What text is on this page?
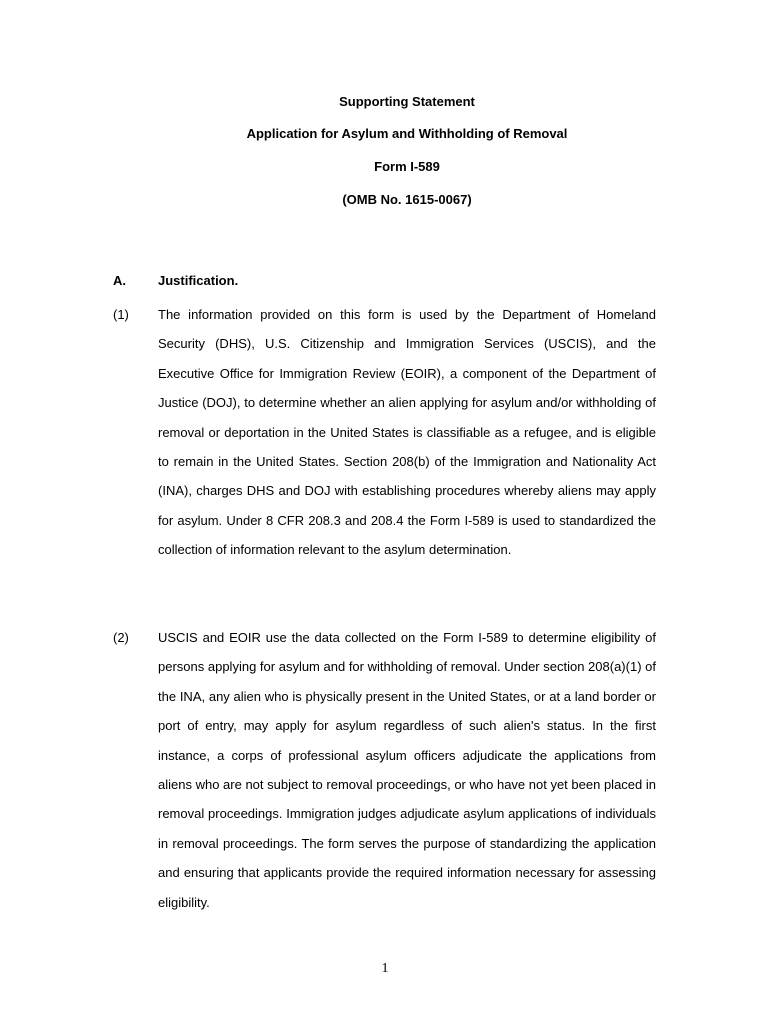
Supporting Statement

Application for Asylum and Withholding of Removal

Form I-589

(OMB No. 1615-0067)

A. Justification.
(1)	The information provided on this form is used by the Department of Homeland Security (DHS), U.S. Citizenship and Immigration Services (USCIS), and the Executive Office for Immigration Review (EOIR), a component of the Department of Justice (DOJ), to determine whether an alien applying for asylum and/or withholding of removal or deportation in the United States is classifiable as a refugee, and is eligible to remain in the United States. Section 208(b) of the Immigration and Nationality Act (INA), charges DHS and DOJ with establishing procedures whereby aliens may apply for asylum. Under 8 CFR 208.3 and 208.4 the Form I-589 is used to standardized the collection of information relevant to the asylum determination.
(2)	USCIS and EOIR use the data collected on the Form I-589 to determine eligibility of persons applying for asylum and for withholding of removal. Under section 208(a)(1) of the INA, any alien who is physically present in the United States, or at a land border or port of entry, may apply for asylum regardless of such alien's status. In the first instance, a corps of professional asylum officers adjudicate the applications from aliens who are not subject to removal proceedings, or who have not yet been placed in removal proceedings. Immigration judges adjudicate asylum applications of individuals in removal proceedings. The form serves the purpose of standardizing the application and ensuring that applicants provide the required information necessary for assessing eligibility.
1
